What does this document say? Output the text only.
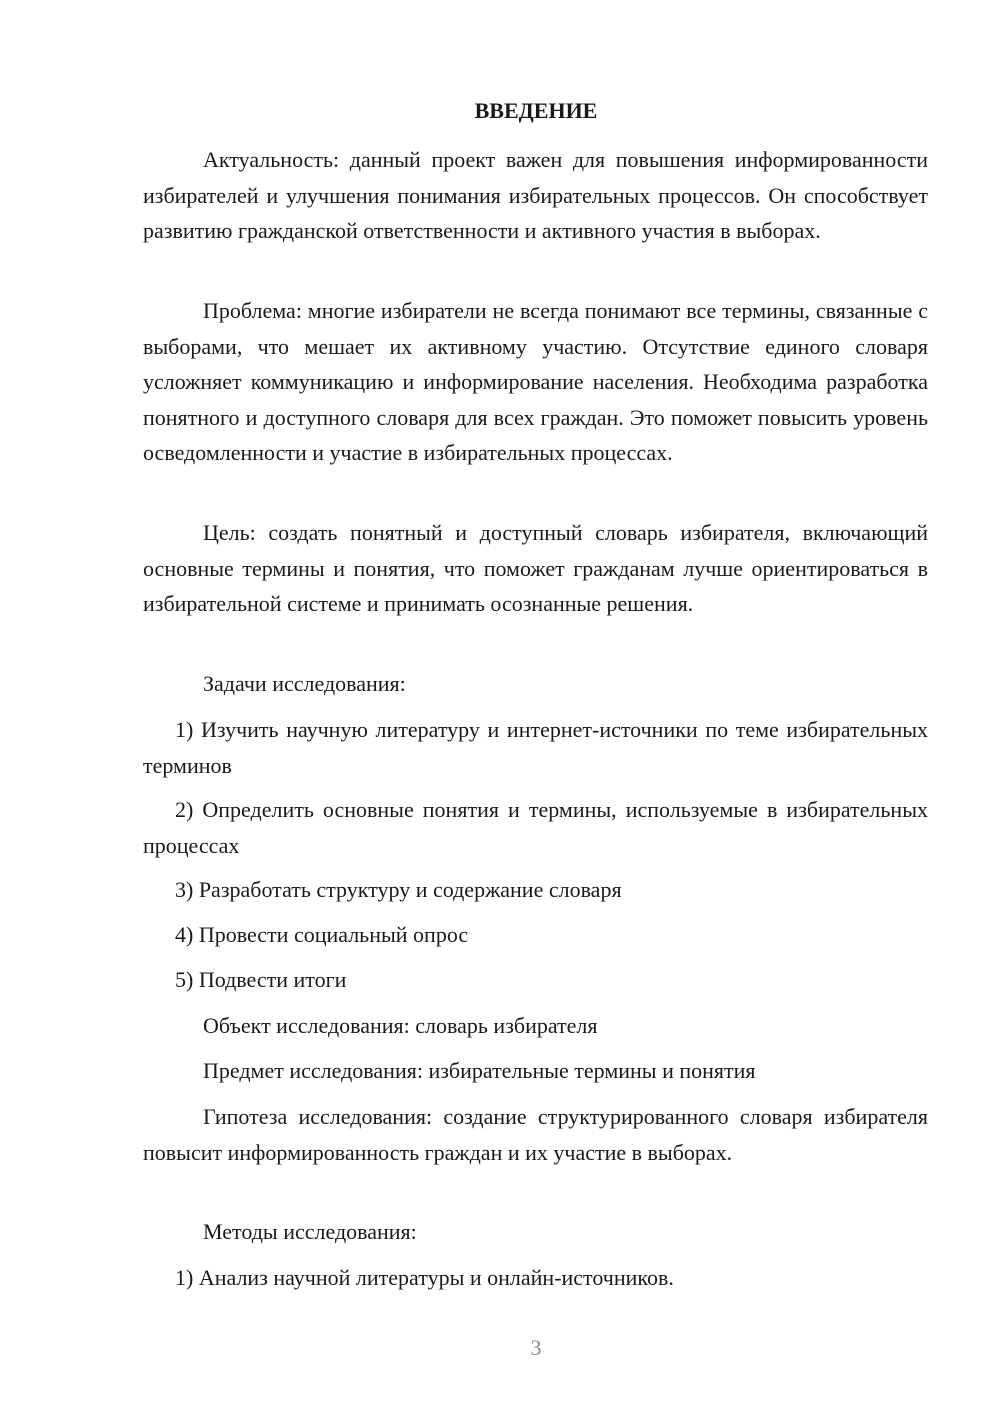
ВВЕДЕНИЕ

Актуальность: данный проект важен для повышения информированности избирателей и улучшения понимания избирательных процессов. Он способствует развитию гражданской ответственности и активного участия в выборах.

Проблема: многие избиратели не всегда понимают все термины, связанные с выборами, что мешает их активному участию. Отсутствие единого словаря усложняет коммуникацию и информирование населения. Необходима разработка понятного и доступного словаря для всех граждан. Это поможет повысить уровень осведомленности и участие в избирательных процессах.

Цель: создать понятный и доступный словарь избирателя, включающий основные термины и понятия, что поможет гражданам лучше ориентироваться в избирательной системе и принимать осознанные решения.

Задачи исследования:

1) Изучить научную литературу и интернет-источники по теме избирательных терминов

2) Определить основные понятия и термины, используемые в избирательных процессах

3) Разработать структуру и содержание словаря
4) Провести социальный опрос
5) Подвести итоги
Объект исследования: словарь избирателя
Предмет исследования: избирательные термины и понятия

Гипотеза исследования: создание структурированного словаря избирателя повысит информированность граждан и их участие в выборах.

Методы исследования:
1) Анализ научной литературы и онлайн-источников.
3
